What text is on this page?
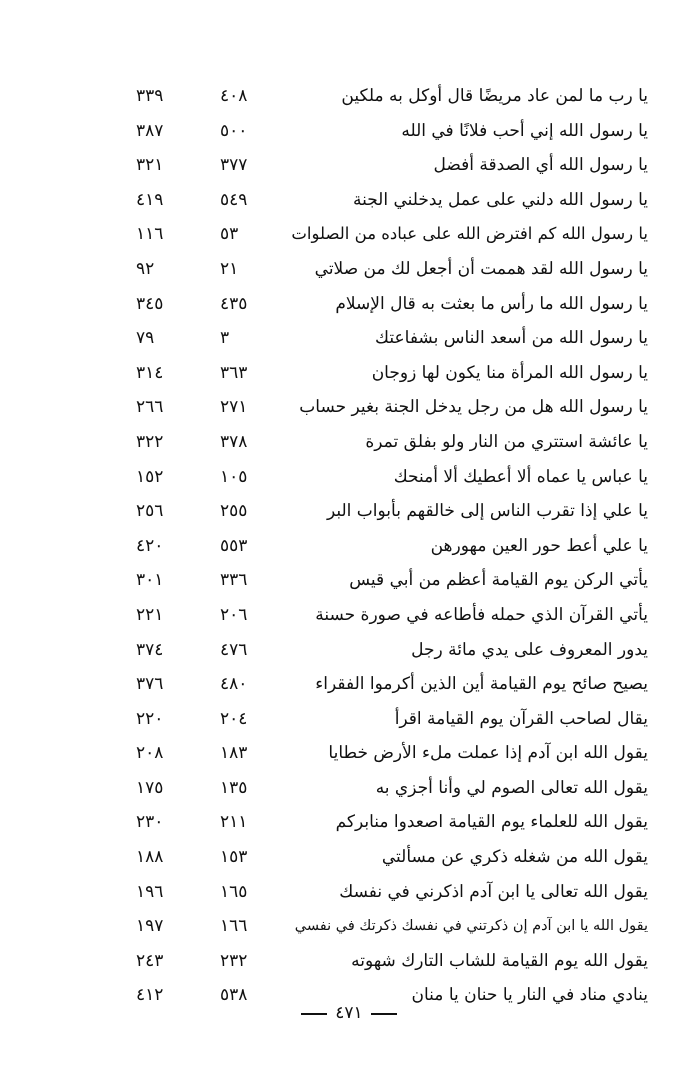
يا رب ما لمن عاد مريضًا قال أوكل به ملكين
٤٠٨
٣٣٩
يا رسول الله إني أحب فلانًا في الله
٥٠٠
٣٨٧
يا رسول الله أي الصدقة أفضل
٣٧٧
٣٢١
يا رسول الله دلني على عمل يدخلني الجنة
٥٤٩
٤١٩
يا رسول الله كم افترض الله على عباده من الصلوات
٥٣
١١٦
يا رسول الله لقد هممت أن أجعل لك من صلاتي
٢١
٩٢
يا رسول الله ما رأس ما بعثت به قال الإسلام
٤٣٥
٣٤٥
يا رسول الله من أسعد الناس بشفاعتك
٣
٧٩
يا رسول الله المرأة منا يكون لها زوجان
٣٦٣
٣١٤
يا رسول الله هل من رجل يدخل الجنة بغير حساب
٢٧١
٢٦٦
يا عائشة استتري من النار ولو بفلق تمرة
٣٧٨
٣٢٢
يا عباس يا عماه ألا أعطيك ألا أمنحك
١٠٥
١٥٢
يا علي إذا تقرب الناس إلى خالقهم بأبواب البر
٢٥٥
٢٥٦
يا علي أعط حور العين مهورهن
٥٥٣
٤٢٠
يأتي الركن يوم القيامة أعظم من أبي قيس
٣٣٦
٣٠١
يأتي القرآن الذي حمله فأطاعه في صورة حسنة
٢٠٦
٢٢١
يدور المعروف على يدي مائة رجل
٤٧٦
٣٧٤
يصيح صائح يوم القيامة أين الذين أكرموا الفقراء
٤٨٠
٣٧٦
يقال لصاحب القرآن يوم القيامة اقرأ
٢٠٤
٢٢٠
يقول الله ابن آدم إذا عملت ملء الأرض خطايا
١٨٣
٢٠٨
يقول الله تعالى الصوم لي وأنا أجزي به
١٣٥
١٧٥
يقول الله للعلماء يوم القيامة اصعدوا منابركم
٢١١
٢٣٠
يقول الله من شغله ذكري عن مسألتي
١٥٣
١٨٨
يقول الله تعالى يا ابن آدم اذكرني في نفسك
١٦٥
١٩٦
يقول الله يا ابن آدم إن ذكرتني في نفسك ذكرتك في نفسي
١٦٦
١٩٧
يقول الله يوم القيامة للشاب التارك شهوته
٢٣٢
٢٤٣
ينادي مناد في النار يا حنان يا منان
٥٣٨
٤١٢
٤٧١
